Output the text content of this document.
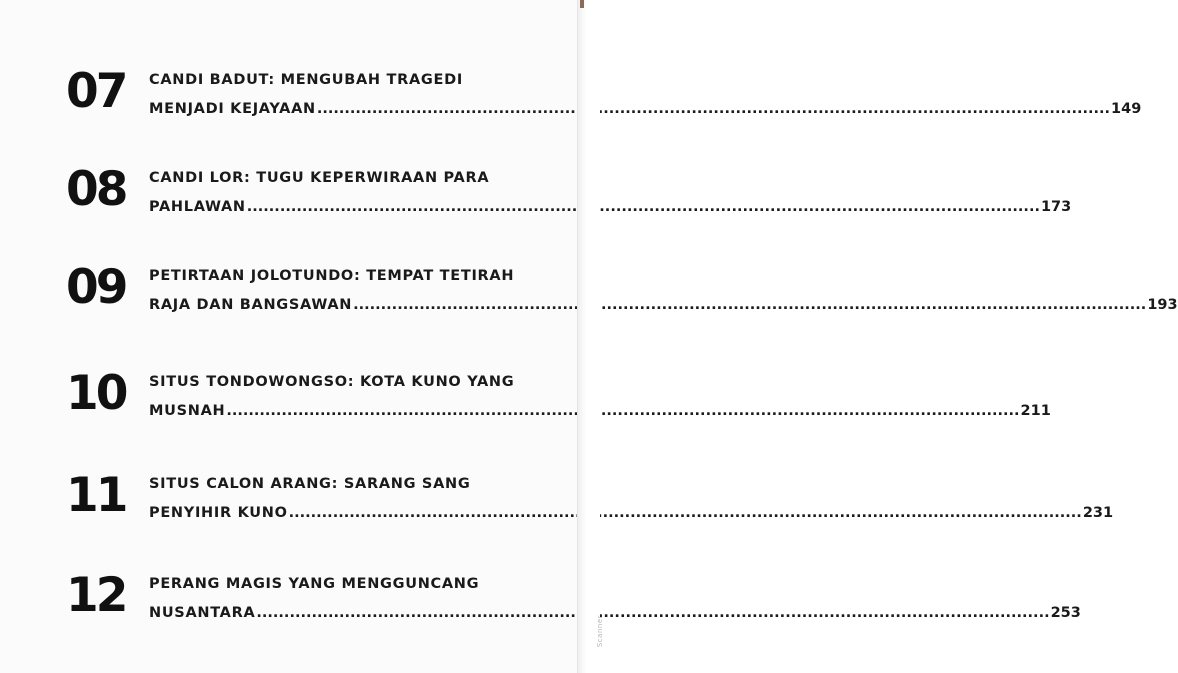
07 CANDI BADUT: MENGUBAH TRAGEDI
MENJADI KEJAYAAN .....	149
08 CANDI LOR: TUGU KEPERWIRAAN PARA
PAHLAWAN .....	173
09 PETIRTAAN JOLOTUNDO: TEMPAT TETIRAH
RAJA DAN BANGSAWAN .....	193
10 SITUS TONDOWONGSO: KOTA KUNO YANG
MUSNAH .....	211
11 SITUS CALON ARANG: SARANG SANG
PENYIHIR KUNO .....	231
12 PERANG MAGIS YANG MENGGUNCANG
NUSANTARA .....	253
Scanner
